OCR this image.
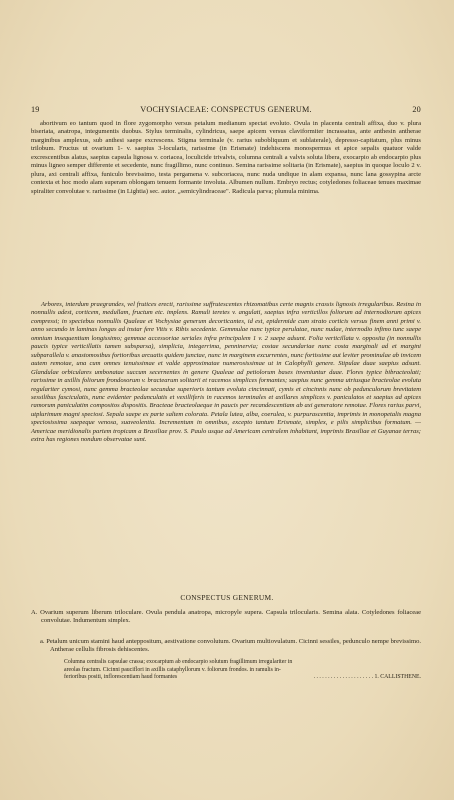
19	VOCHYSIACEAE: CONSPECTUS GENERUM.	20

abortivum eo tantum quod in flore zygomorpho versus petalum medianum spectat evoluto. Ovula in placenta centrali affixa, duo v. plura biseriata, anatropa, integumentis duobus. Stylus terminalis, cylindricus, saepe apicem versus claviformiter incrassatus, ante anthesin antherae marginibus amplexus, sub anthesi saepe excrescens. Stigma terminale (v. rarius subobliquum et sublaterale), depresso-capitatum, plus minus trilobum. Fructus ut ovarium 1- v. saepius 3-locularis, rarissime (in Erismate) indehiscens monospermus et apice sepalis quatuor valde excrescentibus alatus, saepius capsula lignosa v. coriacea, loculicide trivalvis, columna centrali a valvis soluta libera, exocarpio ab endocarpio plus minus ligneo semper differente et secedente, nunc fragillimo, nunc continuo. Semina rarissime solitaria (in Erismate), saepius in quoque loculo 2 v. plura, axi centrali affixa, funiculo brevissimo, testa pergamena v. subcoriacea, nunc nuda undique in alam expansa, nunc lana gossypina arcte contexta et hoc modo alam superam oblongam tenuem formante involuta. Albumen nullum. Embryo rectus; cotyledones foliaceae tenues maximae spiraliter convolutae v. rarissime (in Lightia) sec. autor. „semicylindraceae". Radicula parva; plumula minima.

Arbores, interdum praegrandes, vel frutices erecti, rarissime suffrutescentes rhizomatibus certe magnis crassis lignosis irregularibus. Resina in nonnullis adest, corticem, medullam, fructum etc. implens. Ramuli teretes v. angulati, saepius infra verticillos foliorum ad internodiorum apices compressi; in speciebus nonnullis Qualeae et Vochysiae generum decorticantes, id est, epidermide cum strato corticis versus finem anni primi v. anno secundo in laminas longas ad instar fere Vitis v. Ribis secedente. Gemmulae nunc typice perulatae, nunc nudae, internodio infimo tunc saepe omnium insequentium longissimo; gemmae accessoriae seriales infra principalem 1 v. 2 saepe adsunt. Folia verticillata v. opposita (in nonnullis paucis typice verticillatis tamen subsparsa), simplicia, integerrima, penninervia; costae secundariae nunc costa marginali ad et margini subparallela v. anastomosibus fortioribus arcuatis quidem junctae, nunc in marginem excurrentes, nunc fortissime aut leviter prominulae ab invicem autem remotae, una cum omnes tenuissimae et valde approximatae numerosissimae ut in Calophylli genere. Stipulae duae saepius adsunt. Glandulae orbiculares umbonatae succum secernentes in genere Qualeae ad petiolorum bases inveniuntur duae. Flores typice bibracteolati; rarissime in axillis foliorum frondosorum v. bractearum solitarii et racemos simplices formantes; saepius nunc gemma utriusque bracteolae evoluta regulariter cymosi, nunc gemma bracteolae secundae superioris tantum evoluta cincinnati, cymis et cincinnis nunc ob pedunculorum brevitatem sessilibus fasciculatis, nunc evidenter pedunculatis et vexilliferis in racemos terminales et axillares simplices v. paniculatos et saepius ad apices ramorum paniculatim compositos dispositis. Bracteae bracteolaeque in paucis per recandescentiam ab axi generatore remotae. Flores rarius parvi, utplurimum magni speciosi. Sepala saepe ex parte saltem colorata. Petala lutea, alba, coerulea, v. purpurascentia, imprimis in monopetalis magna speciosissima saepeque venosa, suaveolentia. Incrementum in omnibus, excepto tantum Erismate, simplex, e pilis simplicibus formatum. — Americae meridionalis partem tropicam a Brasiliae prov. S. Paulo usque ad Americam centralem inhabitant, imprimis Brasiliae et Guyanae terras; extra has regiones nondum observatae sunt.

CONSPECTUS GENERUM.

A. Ovarium superum liberum triloculare. Ovula pendula anatropa, micropyle supera. Capsula trilocularis. Semina alata. Cotyledones foliaceae convolutae. Indumentum simplex.

a. Petalum unicum stamini haud anteppositum, aestivatione convolutum. Ovarium multiovulatum. Cicinni sessiles, pedunculo nempe brevissimo. Antherae cellulis fibrosis dehiscentes.

Columna centralis capsulae crassa; exocarpium ab endocarpio solutum fragillimum irregulariter in

areolas fractum. Cicinni pauciflori in axillis cataphyllorum v. foliorum frondos. in ramulis in-

ferioribus positi, inflorescentiam haud formantes	. . . . . . . . . . . . . . . . . . . . . 1. CALLISTHENE.
